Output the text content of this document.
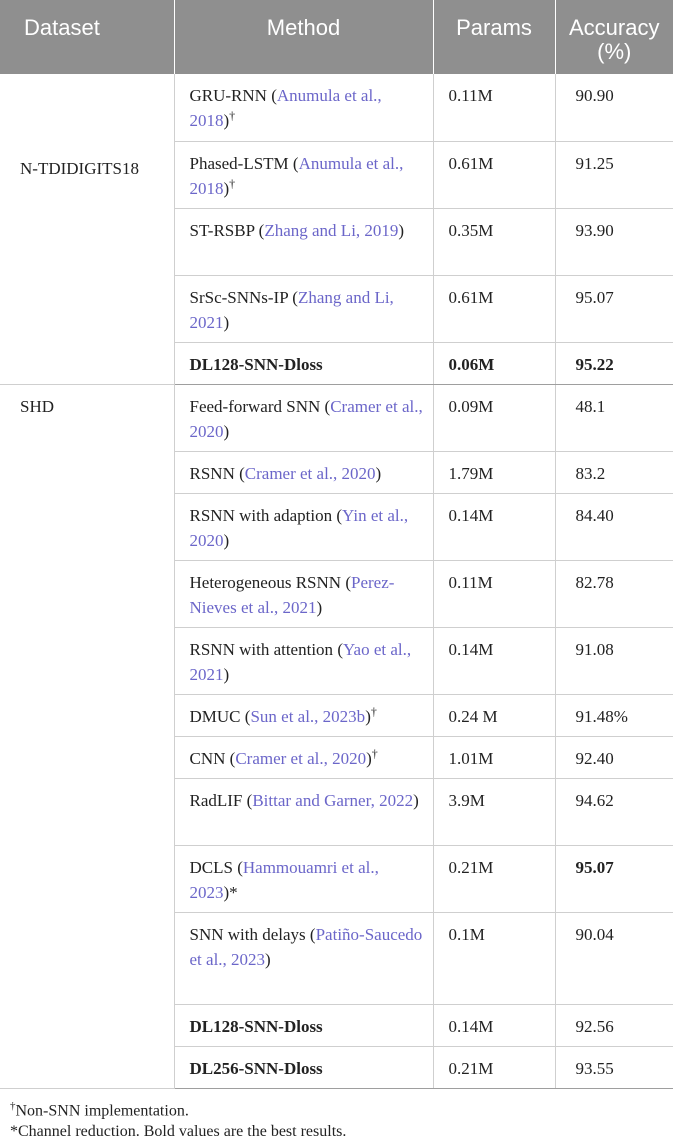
Dataset	Method	Params	Accuracy (%)

N-TDIDIGITS18	GRU-RNN (Anumula et al., 2018)†	0.11M	90.90
	Phased-LSTM (Anumula et al., 2018)†	0.61M	91.25
	ST-RSBP (Zhang and Li, 2019)	0.35M	93.90
	SrSc-SNNs-IP (Zhang and Li, 2021)	0.61M	95.07
	DL128-SNN-Dloss	0.06M	95.22
SHD	Feed-forward SNN (Cramer et al., 2020)	0.09M	48.1
	RSNN (Cramer et al., 2020)	1.79M	83.2
	RSNN with adaption (Yin et al., 2020)	0.14M	84.40
	Heterogeneous RSNN (Perez-Nieves et al., 2021)	0.11M	82.78
	RSNN with attention (Yao et al., 2021)	0.14M	91.08
	DMUC (Sun et al., 2023b)†	0.24 M	91.48%
	CNN (Cramer et al., 2020)†	1.01M	92.40
	RadLIF (Bittar and Garner, 2022)	3.9M	94.62
	DCLS (Hammouamri et al., 2023)*	0.21M	95.07
	SNN with delays (Patiño-Saucedo et al., 2023)	0.1M	90.04
	DL128-SNN-Dloss	0.14M	92.56
	DL256-SNN-Dloss	0.21M	93.55
†Non-SNN implementation.
*Channel reduction. Bold values are the best results.
